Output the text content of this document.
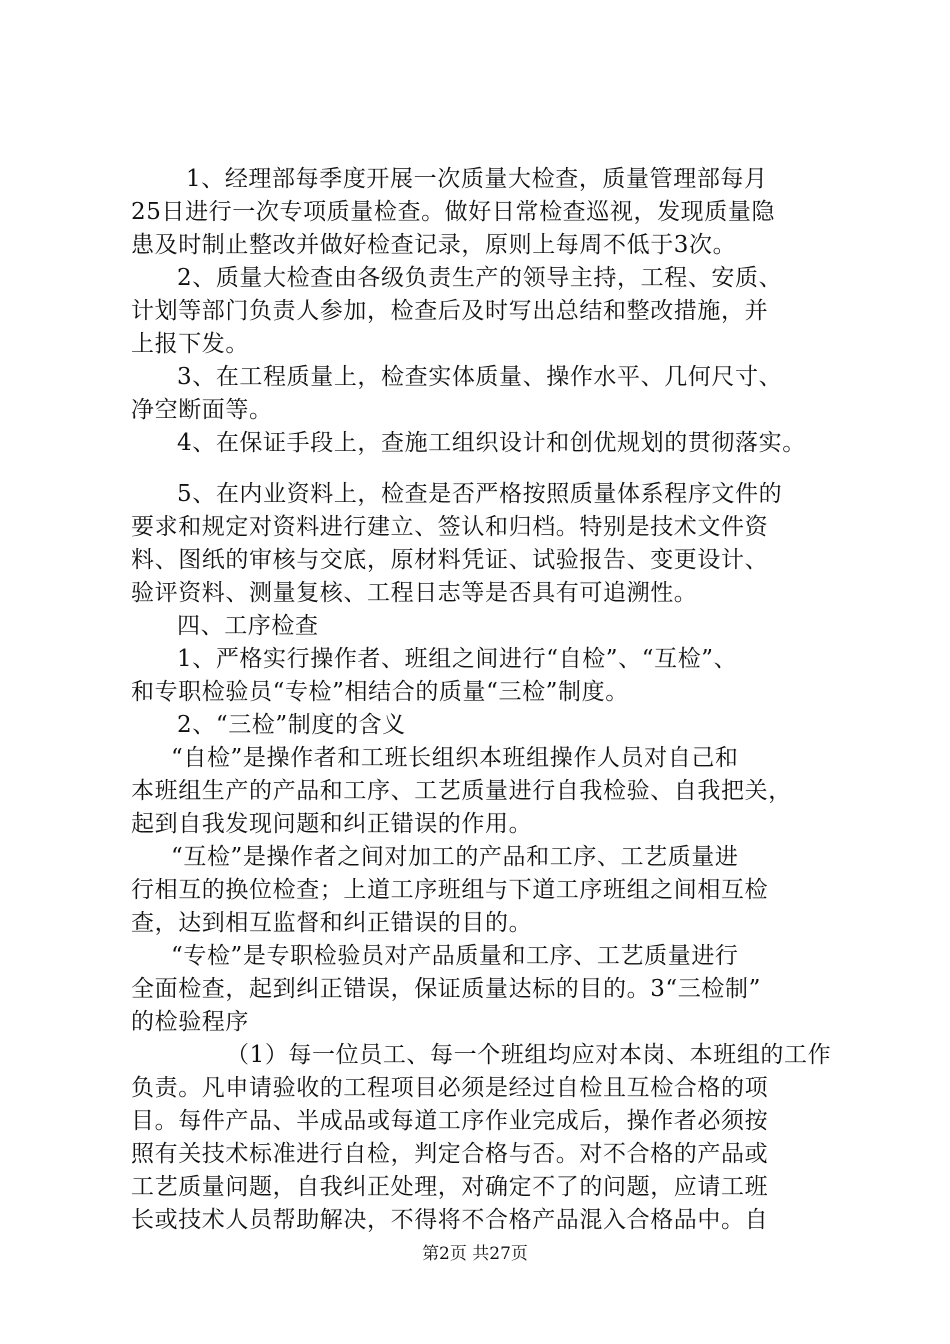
1、经理部每季度开展一次质量大检查，质量管理部每月
25日进行一次专项质量检查。做好日常检查巡视，发现质量隐
患及时制止整改并做好检查记录，原则上每周不低于3次。
2、质量大检查由各级负责生产的领导主持，工程、安质、
计划等部门负责人参加，检查后及时写出总结和整改措施，并
上报下发。
3、在工程质量上，检查实体质量、操作水平、几何尺寸、
净空断面等。
4、在保证手段上，查施工组织设计和创优规划的贯彻落实。
5、在内业资料上，检查是否严格按照质量体系程序文件的
要求和规定对资料进行建立、签认和归档。特别是技术文件资
料、图纸的审核与交底，原材料凭证、试验报告、变更设计、
验评资料、测量复核、工程日志等是否具有可追溯性。
四、工序检查
1、严格实行操作者、班组之间进行“自检”、“互检”、
和专职检验员“专检”相结合的质量“三检”制度。
2、“三检”制度的含义
“自检”是操作者和工班长组织本班组操作人员对自己和
本班组生产的产品和工序、工艺质量进行自我检验、自我把关，
起到自我发现问题和纠正错误的作用。
“互检”是操作者之间对加工的产品和工序、工艺质量进
行相互的换位检查；上道工序班组与下道工序班组之间相互检
查，达到相互监督和纠正错误的目的。
“专检”是专职检验员对产品质量和工序、工艺质量进行
全面检查，起到纠正错误，保证质量达标的目的。3“三检制”
的检验程序
（1）每一位员工、每一个班组均应对本岗、本班组的工作
负责。凡申请验收的工程项目必须是经过自检且互检合格的项
目。每件产品、半成品或每道工序作业完成后，操作者必须按
照有关技术标准进行自检，判定合格与否。对不合格的产品或
工艺质量问题，自我纠正处理，对确定不了的问题，应请工班
长或技术人员帮助解决，不得将不合格产品混入合格品中。自
第2页 共27页
